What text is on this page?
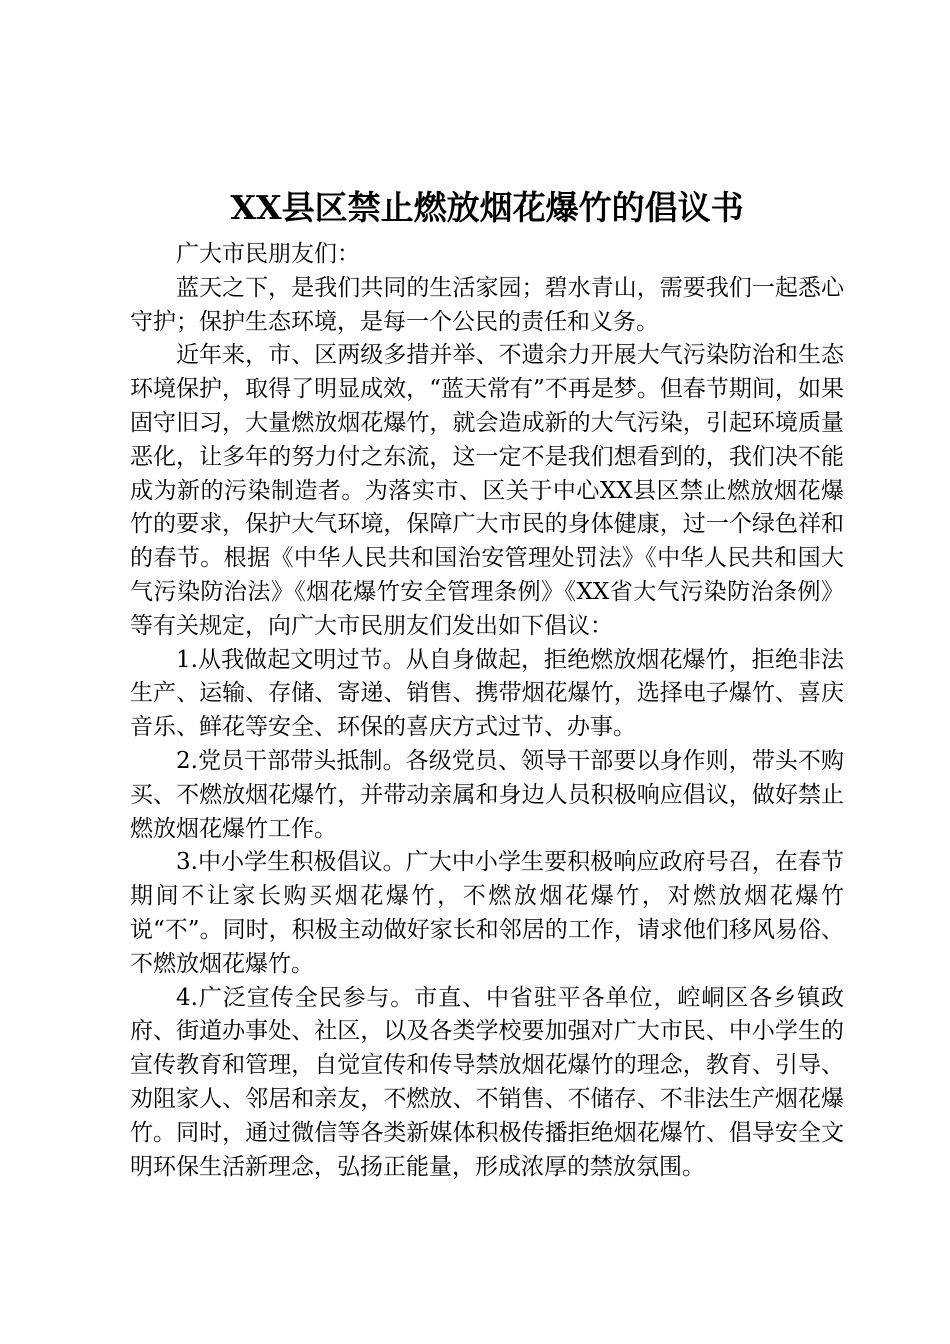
XX县区禁止燃放烟花爆竹的倡议书

广大市民朋友们：

蓝天之下，是我们共同的生活家园；碧水青山，需要我们一起悉心守护；保护生态环境，是每一个公民的责任和义务。

近年来，市、区两级多措并举、不遗余力开展大气污染防治和生态环境保护，取得了明显成效，“蓝天常有”不再是梦。但春节期间，如果固守旧习，大量燃放烟花爆竹，就会造成新的大气污染，引起环境质量恶化，让多年的努力付之东流，这一定不是我们想看到的，我们决不能成为新的污染制造者。为落实市、区关于中心XX县区禁止燃放烟花爆竹的要求，保护大气环境，保障广大市民的身体健康，过一个绿色祥和的春节。根据《中华人民共和国治安管理处罚法》《中华人民共和国大气污染防治法》《烟花爆竹安全管理条例》《XX省大气污染防治条例》等有关规定，向广大市民朋友们发出如下倡议：

1.从我做起文明过节。从自身做起，拒绝燃放烟花爆竹，拒绝非法生产、运输、存储、寄递、销售、携带烟花爆竹，选择电子爆竹、喜庆音乐、鲜花等安全、环保的喜庆方式过节、办事。

2.党员干部带头抵制。各级党员、领导干部要以身作则，带头不购买、不燃放烟花爆竹，并带动亲属和身边人员积极响应倡议，做好禁止燃放烟花爆竹工作。

3.中小学生积极倡议。广大中小学生要积极响应政府号召，在春节期间不让家长购买烟花爆竹，不燃放烟花爆竹，对燃放烟花爆竹说“不”。同时，积极主动做好家长和邻居的工作，请求他们移风易俗、不燃放烟花爆竹。

4.广泛宣传全民参与。市直、中省驻平各单位，崆峒区各乡镇政府、街道办事处、社区，以及各类学校要加强对广大市民、中小学生的宣传教育和管理，自觉宣传和传导禁放烟花爆竹的理念，教育、引导、劝阻家人、邻居和亲友，不燃放、不销售、不储存、不非法生产烟花爆竹。同时，通过微信等各类新媒体积极传播拒绝烟花爆竹、倡导安全文明环保生活新理念，弘扬正能量，形成浓厚的禁放氛围。
